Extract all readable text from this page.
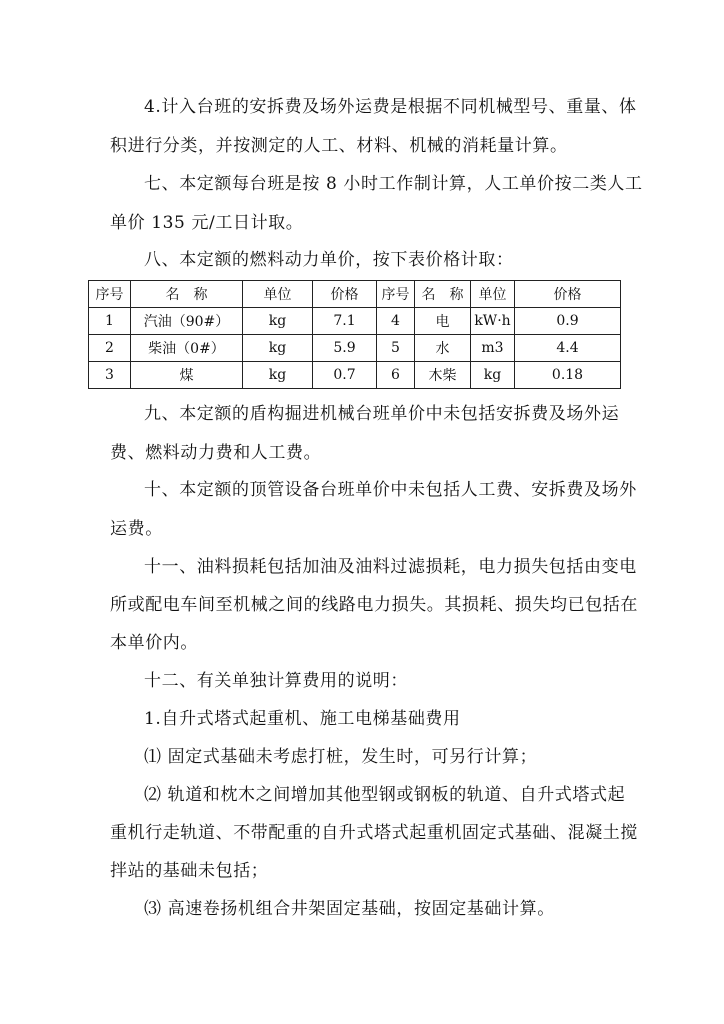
4.计入台班的安拆费及场外运费是根据不同机械型号、重量、体
积进行分类，并按测定的人工、材料、机械的消耗量计算。
七、本定额每台班是按 8 小时工作制计算，人工单价按二类人工
单价 135 元/工日计取。
八、本定额的燃料动力单价，按下表价格计取：
序号	名　称	单位	价格	序号	名　称	单位	价格
1	汽油（90#）	kg	7.1	4	电	kW·h	0.9
2	柴油（0#）	kg	5.9	5	水	m3	4.4
3	煤	kg	0.7	6	木柴	kg	0.18
九、本定额的盾构掘进机械台班单价中未包括安拆费及场外运
费、燃料动力费和人工费。
十、本定额的顶管设备台班单价中未包括人工费、安拆费及场外
运费。
十一、油料损耗包括加油及油料过滤损耗，电力损失包括由变电
所或配电车间至机械之间的线路电力损失。其损耗、损失均已包括在
本单价内。
十二、有关单独计算费用的说明：
1.自升式塔式起重机、施工电梯基础费用
⑴ 固定式基础未考虑打桩，发生时，可另行计算；
⑵ 轨道和枕木之间增加其他型钢或钢板的轨道、自升式塔式起
重机行走轨道、不带配重的自升式塔式起重机固定式基础、混凝土搅
拌站的基础未包括；
⑶ 高速卷扬机组合井架固定基础，按固定基础计算。
